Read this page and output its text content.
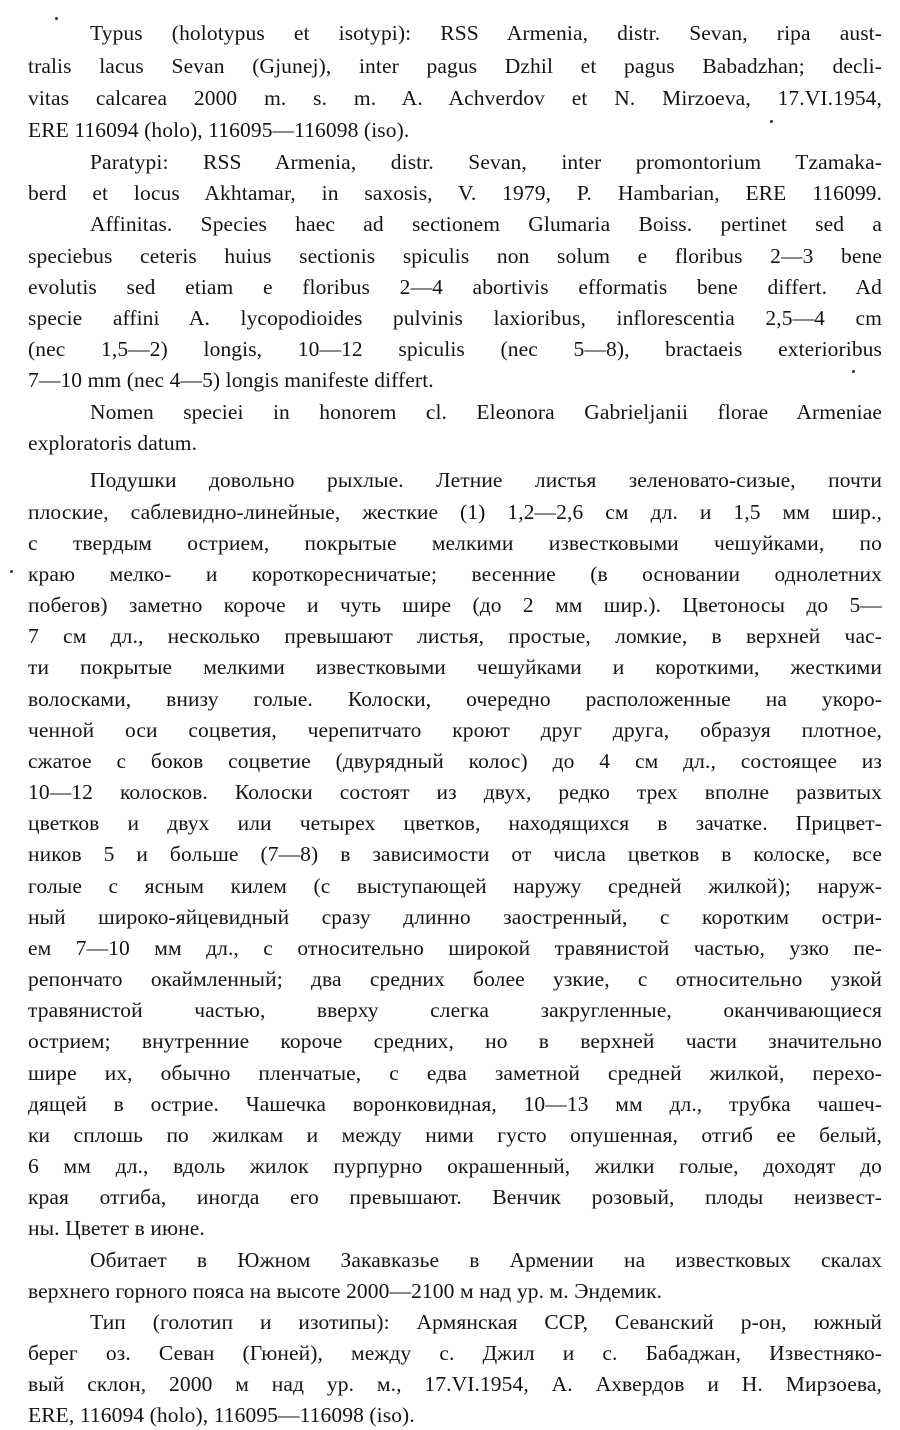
Typus (holotypus et isotypi): RSS Armenia, distr. Sevan, ripa aust-
tralis lacus Sevan (Gjunej), inter pagus Dzhil et pagus Babadzhan; decli-
vitas calcarea 2000 m. s. m. A. Achverdov et N. Mirzoeva, 17.VI.1954,
ERE 116094 (holo), 116095—116098 (iso).
Paratypi: RSS Armenia, distr. Sevan, inter promontorium Tzamaka-
berd et locus Akhtamar, in saxosis, V. 1979, P. Hambarian, ERE 116099.
Affinitas. Species haec ad sectionem Glumaria Boiss. pertinet sed a
speciebus ceteris huius sectionis spiculis non solum e floribus 2—3 bene
evolutis sed etiam e floribus 2—4 abortivis efformatis bene differt. Ad
specie affini A. lycopodioides pulvinis laxioribus, inflorescentia 2,5—4 cm
(nec 1,5—2) longis, 10—12 spiculis (nec 5—8), bractaeis exterioribus
7—10 mm (nec 4—5) longis manifeste differt.
Nomen speciei in honorem cl. Eleonora Gabrieljanii florae Armeniae
exploratoris datum.
Подушки довольно рыхлые. Летние листья зеленовато-сизые, почти
плоские, саблевидно-линейные, жесткие (1) 1,2—2,6 см дл. и 1,5 мм шир.,
с твердым острием, покрытые мелкими известковыми чешуйками, по
краю мелко- и короткоресничатые; весенние (в основании однолетних
побегов) заметно короче и чуть шире (до 2 мм шир.). Цветоносы до 5—
7 см дл., несколько превышают листья, простые, ломкие, в верхней час-
ти покрытые мелкими известковыми чешуйками и короткими, жесткими
волосками, внизу голые. Колоски, очередно расположенные на укоро-
ченной оси соцветия, черепитчато кроют друг друга, образуя плотное,
сжатое с боков соцветие (двурядный колос) до 4 см дл., состоящее из
10—12 колосков. Колоски состоят из двух, редко трех вполне развитых
цветков и двух или четырех цветков, находящихся в зачатке. Прицвет-
ников 5 и больше (7—8) в зависимости от числа цветков в колоске, все
голые с ясным килем (с выступающей наружу средней жилкой); наруж-
ный широко-яйцевидный сразу длинно заостренный, с коротким остри-
ем 7—10 мм дл., с относительно широкой травянистой частью, узко пе-
репончато окаймленный; два средних более узкие, с относительно узкой
травянистой частью, вверху слегка закругленные, оканчивающиеся
острием; внутренние короче средних, но в верхней части значительно
шире их, обычно пленчатые, с едва заметной средней жилкой, перехо-
дящей в острие. Чашечка воронковидная, 10—13 мм дл., трубка чашеч-
ки сплошь по жилкам и между ними густо опушенная, отгиб ее белый,
6 мм дл., вдоль жилок пурпурно окрашенный, жилки голые, доходят до
края отгиба, иногда его превышают. Венчик розовый, плоды неизвест-
ны. Цветет в июне.
Обитает в Южном Закавказье в Армении на известковых скалах
верхнего горного пояса на высоте 2000—2100 м над ур. м. Эндемик.
Тип (голотип и изотипы): Армянская ССР, Севанский р-он, южный
берег оз. Севан (Гюней), между с. Джил и с. Бабаджан, Известняко-
вый склон, 2000 м над ур. м., 17.VI.1954, А. Ахвердов и Н. Мирзоева,
ERE, 116094 (holo), 116095—116098 (iso).
